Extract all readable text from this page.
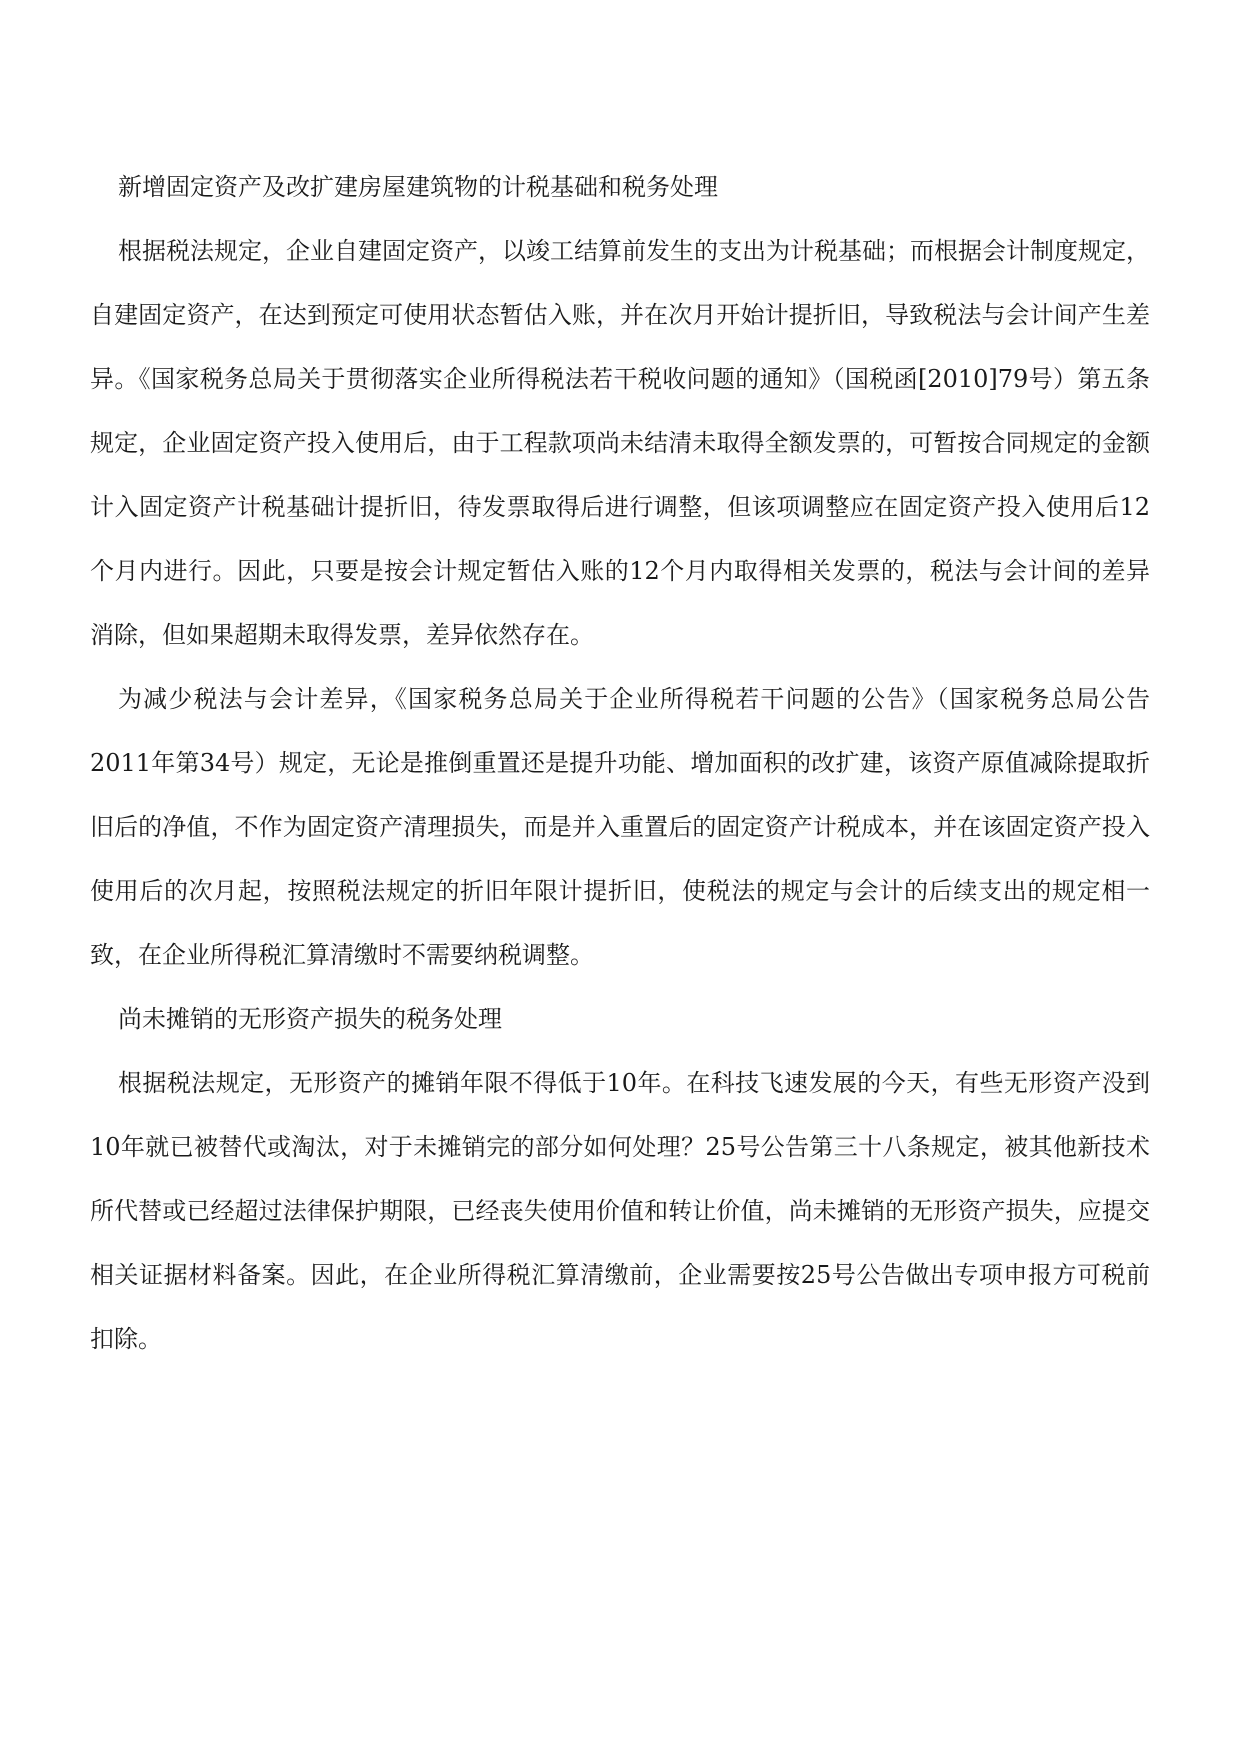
新增固定资产及改扩建房屋建筑物的计税基础和税务处理

根据税法规定，企业自建固定资产，以竣工结算前发生的支出为计税基础；而根据会计制度规定，自建固定资产，在达到预定可使用状态暂估入账，并在次月开始计提折旧，导致税法与会计间产生差异。《国家税务总局关于贯彻落实企业所得税法若干税收问题的通知》（国税函[2010]79号）第五条规定，企业固定资产投入使用后，由于工程款项尚未结清未取得全额发票的，可暂按合同规定的金额计入固定资产计税基础计提折旧，待发票取得后进行调整，但该项调整应在固定资产投入使用后12个月内进行。因此，只要是按会计规定暂估入账的12个月内取得相关发票的，税法与会计间的差异消除，但如果超期未取得发票，差异依然存在。

为减少税法与会计差异，《国家税务总局关于企业所得税若干问题的公告》（国家税务总局公告2011年第34号）规定，无论是推倒重置还是提升功能、增加面积的改扩建，该资产原值减除提取折旧后的净值，不作为固定资产清理损失，而是并入重置后的固定资产计税成本，并在该固定资产投入使用后的次月起，按照税法规定的折旧年限计提折旧，使税法的规定与会计的后续支出的规定相一致，在企业所得税汇算清缴时不需要纳税调整。

尚未摊销的无形资产损失的税务处理

根据税法规定，无形资产的摊销年限不得低于10年。在科技飞速发展的今天，有些无形资产没到10年就已被替代或淘汰，对于未摊销完的部分如何处理？25号公告第三十八条规定，被其他新技术所代替或已经超过法律保护期限，已经丧失使用价值和转让价值，尚未摊销的无形资产损失，应提交相关证据材料备案。因此，在企业所得税汇算清缴前，企业需要按25号公告做出专项申报方可税前扣除。
